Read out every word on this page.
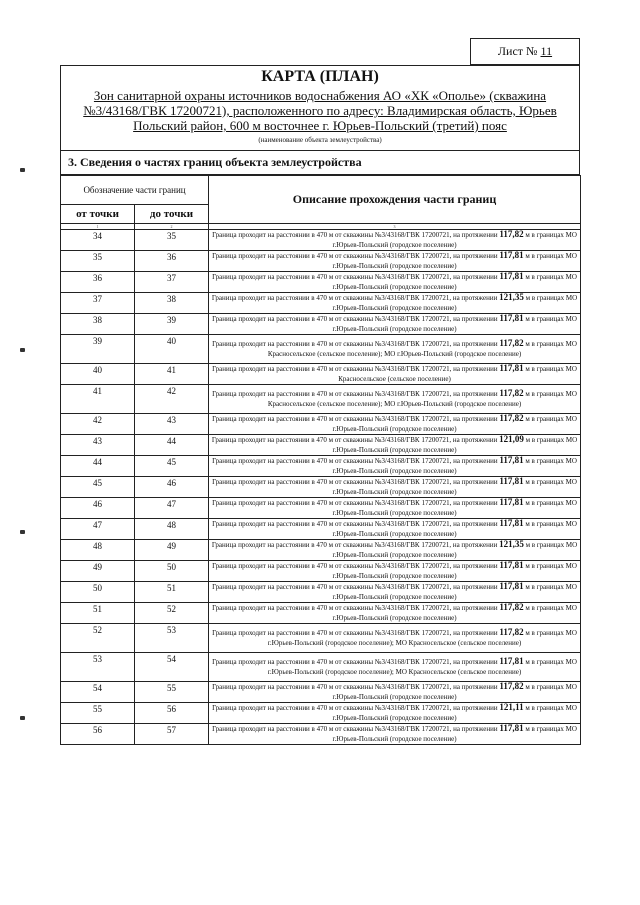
Лист № 11
КАРТА (ПЛАН)
Зон санитарной охраны источников водоснабжения АО «ХК «Ополье» (скважина №3/43168/ГВК 17200721), расположенного по адресу: Владимирская область, Юрьев Польский район, 600 м восточнее г. Юрьев-Польский (третий) пояс
(наименование объекта землеустройства)
3. Сведения о частях границ объекта землеустройства
Обозначение части границ		Описание прохождения части границ
от точки	до точки	
1	2	3
34	35	Граница проходит на расстоянии в 470 м от скважины №3/43168/ГВК 17200721, на протяжении 117,82 м в границах МО г.Юрьев-Польский (городское поселение)
35	36	Граница проходит на расстоянии в 470 м от скважины №3/43168/ГВК 17200721, на протяжении 117,81 м в границах МО г.Юрьев-Польский (городское поселение)
36	37	Граница проходит на расстоянии в 470 м от скважины №3/43168/ГВК 17200721, на протяжении 117,81 м в границах МО г.Юрьев-Польский (городское поселение)
37	38	Граница проходит на расстоянии в 470 м от скважины №3/43168/ГВК 17200721, на протяжении 121,35 м в границах МО г.Юрьев-Польский (городское поселение)
38	39	Граница проходит на расстоянии в 470 м от скважины №3/43168/ГВК 17200721, на протяжении 117,81 м в границах МО г.Юрьев-Польский (городское поселение)
39	40	Граница проходит на расстоянии в 470 м от скважины №3/43168/ГВК 17200721, на протяжении 117,82 м в границах МО Красносельское (сельское поселение); МО г.Юрьев-Польский (городское поселение)
40	41	Граница проходит на расстоянии в 470 м от скважины №3/43168/ГВК 17200721, на протяжении 117,81 м в границах МО Красносельское (сельское поселение)
41	42	Граница проходит на расстоянии в 470 м от скважины №3/43168/ГВК 17200721, на протяжении 117,82 м в границах МО Красносельское (сельское поселение); МО г.Юрьев-Польский (городское поселение)
42	43	Граница проходит на расстоянии в 470 м от скважины №3/43168/ГВК 17200721, на протяжении 117,82 м в границах МО г.Юрьев-Польский (городское поселение)
43	44	Граница проходит на расстоянии в 470 м от скважины №3/43168/ГВК 17200721, на протяжении 121,09 м в границах МО г.Юрьев-Польский (городское поселение)
44	45	Граница проходит на расстоянии в 470 м от скважины №3/43168/ГВК 17200721, на протяжении 117,81 м в границах МО г.Юрьев-Польский (городское поселение)
45	46	Граница проходит на расстоянии в 470 м от скважины №3/43168/ГВК 17200721, на протяжении 117,81 м в границах МО г.Юрьев-Польский (городское поселение)
46	47	Граница проходит на расстоянии в 470 м от скважины №3/43168/ГВК 17200721, на протяжении 117,81 м в границах МО г.Юрьев-Польский (городское поселение)
47	48	Граница проходит на расстоянии в 470 м от скважины №3/43168/ГВК 17200721, на протяжении 117,81 м в границах МО г.Юрьев-Польский (городское поселение)
48	49	Граница проходит на расстоянии в 470 м от скважины №3/43168/ГВК 17200721, на протяжении 121,35 м в границах МО г.Юрьев-Польский (городское поселение)
49	50	Граница проходит на расстоянии в 470 м от скважины №3/43168/ГВК 17200721, на протяжении 117,81 м в границах МО г.Юрьев-Польский (городское поселение)
50	51	Граница проходит на расстоянии в 470 м от скважины №3/43168/ГВК 17200721, на протяжении 117,81 м в границах МО г.Юрьев-Польский (городское поселение)
51	52	Граница проходит на расстоянии в 470 м от скважины №3/43168/ГВК 17200721, на протяжении 117,82 м в границах МО г.Юрьев-Польский (городское поселение)
52	53	Граница проходит на расстоянии в 470 м от скважины №3/43168/ГВК 17200721, на протяжении 117,82 м в границах МО г.Юрьев-Польский (городское поселение); МО Красносельское (сельское поселение)
53	54	Граница проходит на расстоянии в 470 м от скважины №3/43168/ГВК 17200721, на протяжении 117,81 м в границах МО г.Юрьев-Польский (городское поселение); МО Красносельское (сельское поселение)
54	55	Граница проходит на расстоянии в 470 м от скважины №3/43168/ГВК 17200721, на протяжении 117,82 м в границах МО г.Юрьев-Польский (городское поселение)
55	56	Граница проходит на расстоянии в 470 м от скважины №3/43168/ГВК 17200721, на протяжении 121,11 м в границах МО г.Юрьев-Польский (городское поселение)
56	57	Граница проходит на расстоянии в 470 м от скважины №3/43168/ГВК 17200721, на протяжении 117,81 м в границах МО г.Юрьев-Польский (городское поселение)
